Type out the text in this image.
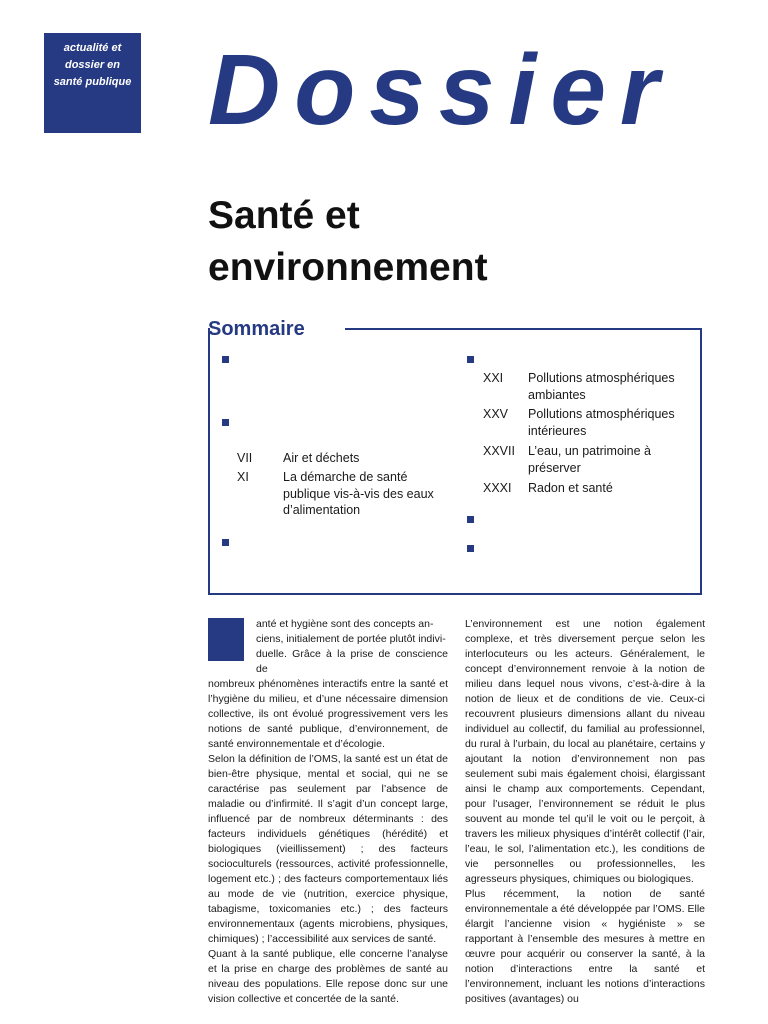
actualité et
dossier en
santé publique Dossier
Santé et
environnement
Sommaire
VII	Air et déchets
XI	La démarche de santé publique vis-à-vis des eaux d’alimentation
XXI	Pollutions atmosphériques ambiantes
XXV	Pollutions atmosphériques intérieures
XXVII	L’eau, un patrimoine à préserver
XXXI	Radon et santé

anté et hygiène sont des concepts an-

ciens, initialement de portée plutôt indivi-

duelle. Grâce à la prise de conscience de

nombreux phénomènes interactifs entre la santé et l’hygiène du milieu, et d’une nécessaire dimension collective, ils ont évolué progressivement vers les notions de santé publique, d’environnement, de santé environnementale et d’écologie.

Selon la définition de l’OMS, la santé est un état de bien-être physique, mental et social, qui ne se caractérise pas seulement par l’absence de maladie ou d’infirmité. Il s’agit d’un concept large, influencé par de nombreux déterminants : des facteurs individuels génétiques (hérédité) et biologiques (vieillissement) ; des facteurs socioculturels (ressources, activité professionnelle, logement etc.) ; des facteurs comportementaux liés au mode de vie (nutrition, exercice physique, tabagisme, toxicomanies etc.) ; des facteurs environnementaux (agents microbiens, physiques, chimiques) ; l’accessibilité aux services de santé.

Quant à la santé publique, elle concerne l’analyse et la prise en charge des problèmes de santé au niveau des populations. Elle repose donc sur une vision collective et concertée de la santé.

L’environnement est une notion également complexe, et très diversement perçue selon les interlocuteurs ou les acteurs. Généralement, le concept d’environnement renvoie à la notion de milieu dans lequel nous vivons, c’est-à-dire à la notion de lieux et de conditions de vie. Ceux-ci recouvrent plusieurs dimensions allant du niveau individuel au collectif, du familial au professionnel, du rural à l’urbain, du local au planétaire, certains y ajoutant la notion d’environnement non pas seulement subi mais également choisi, élargissant ainsi le champ aux comportements. Cependant, pour l’usager, l’environnement se réduit le plus souvent au monde tel qu’il le voit ou le perçoit, à travers les milieux physiques d’intérêt collectif (l’air, l’eau, le sol, l’alimentation etc.), les conditions de vie personnelles ou professionnelles, les agresseurs physiques, chimiques ou biologiques.

Plus récemment, la notion de santé environnementale a été développée par l’OMS. Elle élargit l’ancienne vision « hygiéniste » se rapportant à l’ensemble des mesures à mettre en œuvre pour acquérir ou conserver la santé, à la notion d’interactions entre la santé et l’environnement, incluant les notions d’interactions positives (avantages) ou
